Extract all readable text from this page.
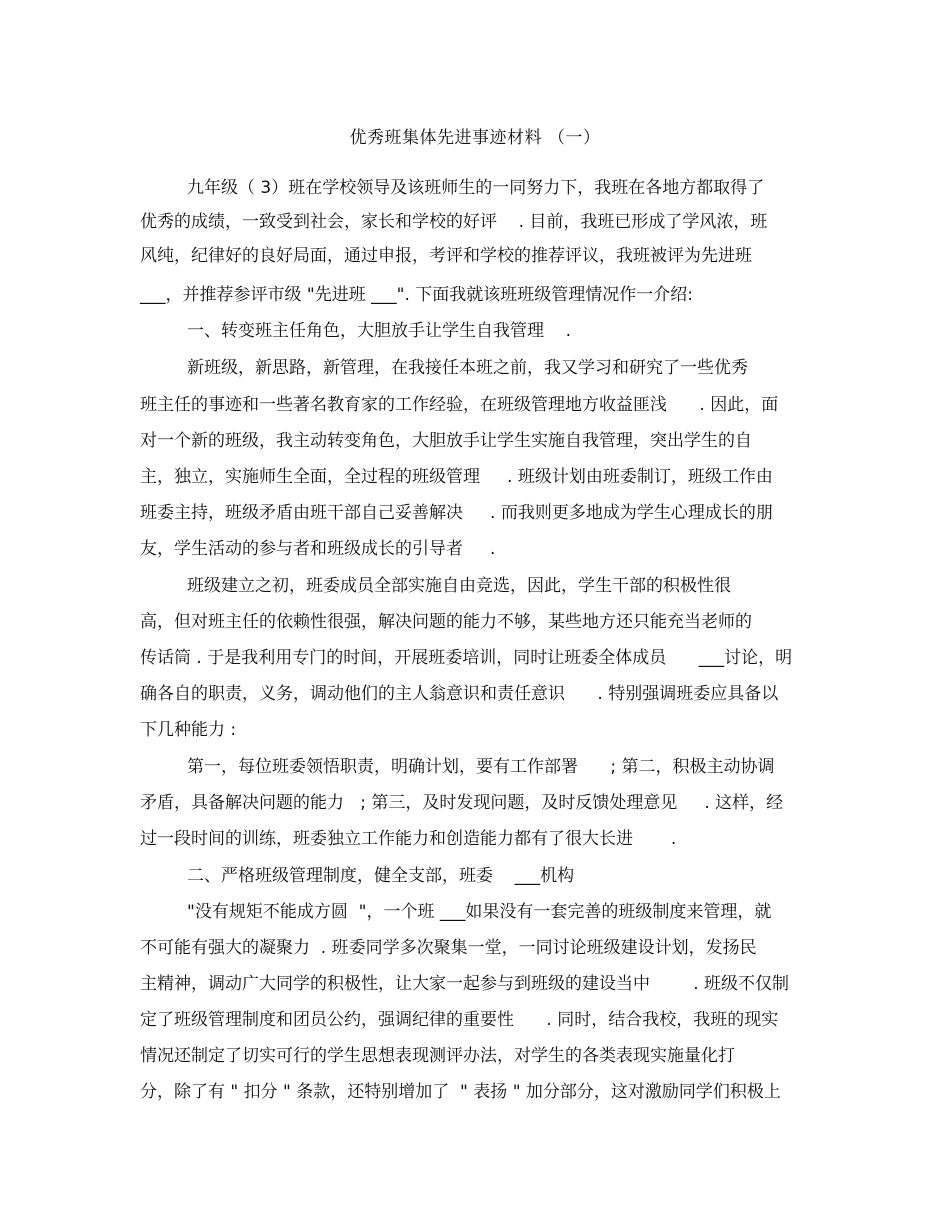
优秀班集体先进事迹材料 （一）
九年级（ 3）班在学校领导及该班师生的一同努力下，我班在各地方都取得了
优秀的成绩，一致受到社会，家长和学校的好评    . 目前，我班已形成了学风浓，班
风纯，纪律好的良好局面，通过申报，考评和学校的推荐评议，我班被评为先进班
___，并推荐参评市级 "先进班 ___". 下面我就该班班级管理情况作一介绍:
一、转变班主任角色，大胆放手让学生自我管理    .
新班级，新思路，新管理，在我接任本班之前，我又学习和研究了一些优秀
班主任的事迹和一些著名教育家的工作经验，在班级管理地方收益匪浅      . 因此，面
对一个新的班级，我主动转变角色，大胆放手让学生实施自我管理，突出学生的自
主，独立，实施师生全面，全过程的班级管理     . 班级计划由班委制订，班级工作由
班委主持，班级矛盾由班干部自己妥善解决     . 而我则更多地成为学生心理成长的朋
友，学生活动的参与者和班级成长的引导者     .
班级建立之初，班委成员全部实施自由竞选，因此，学生干部的积极性很
高，但对班主任的依赖性很强，解决问题的能力不够，某些地方还只能充当老师的
传话筒 . 于是我利用专门的时间，开展班委培训，同时让班委全体成员      ___讨论，明
确各自的职责，义务，调动他们的主人翁意识和责任意识      . 特别强调班委应具备以
下几种能力 :
第一，每位班委领悟职责，明确计划，要有工作部署      ; 第二，积极主动协调
矛盾，具备解决问题的能力   ; 第三，及时发现问题，及时反馈处理意见     . 这样，经
过一段时间的训练，班委独立工作能力和创造能力都有了很大长进       .
二、严格班级管理制度，健全支部，班委    ___机构
"没有规矩不能成方圆  "，一个班 ___如果没有一套完善的班级制度来管理，就
不可能有强大的凝聚力  . 班委同学多次聚集一堂，一同讨论班级建设计划，发扬民
主精神，调动广大同学的积极性，让大家一起参与到班级的建设当中        . 班级不仅制
定了班级管理制度和团员公约，强调纪律的重要性      . 同时，结合我校，我班的现实
情况还制定了切实可行的学生思想表现测评办法，对学生的各类表现实施量化打
分，除了有 " 扣分 " 条款，还特别增加了  " 表扬 " 加分部分，这对激励同学们积极上
